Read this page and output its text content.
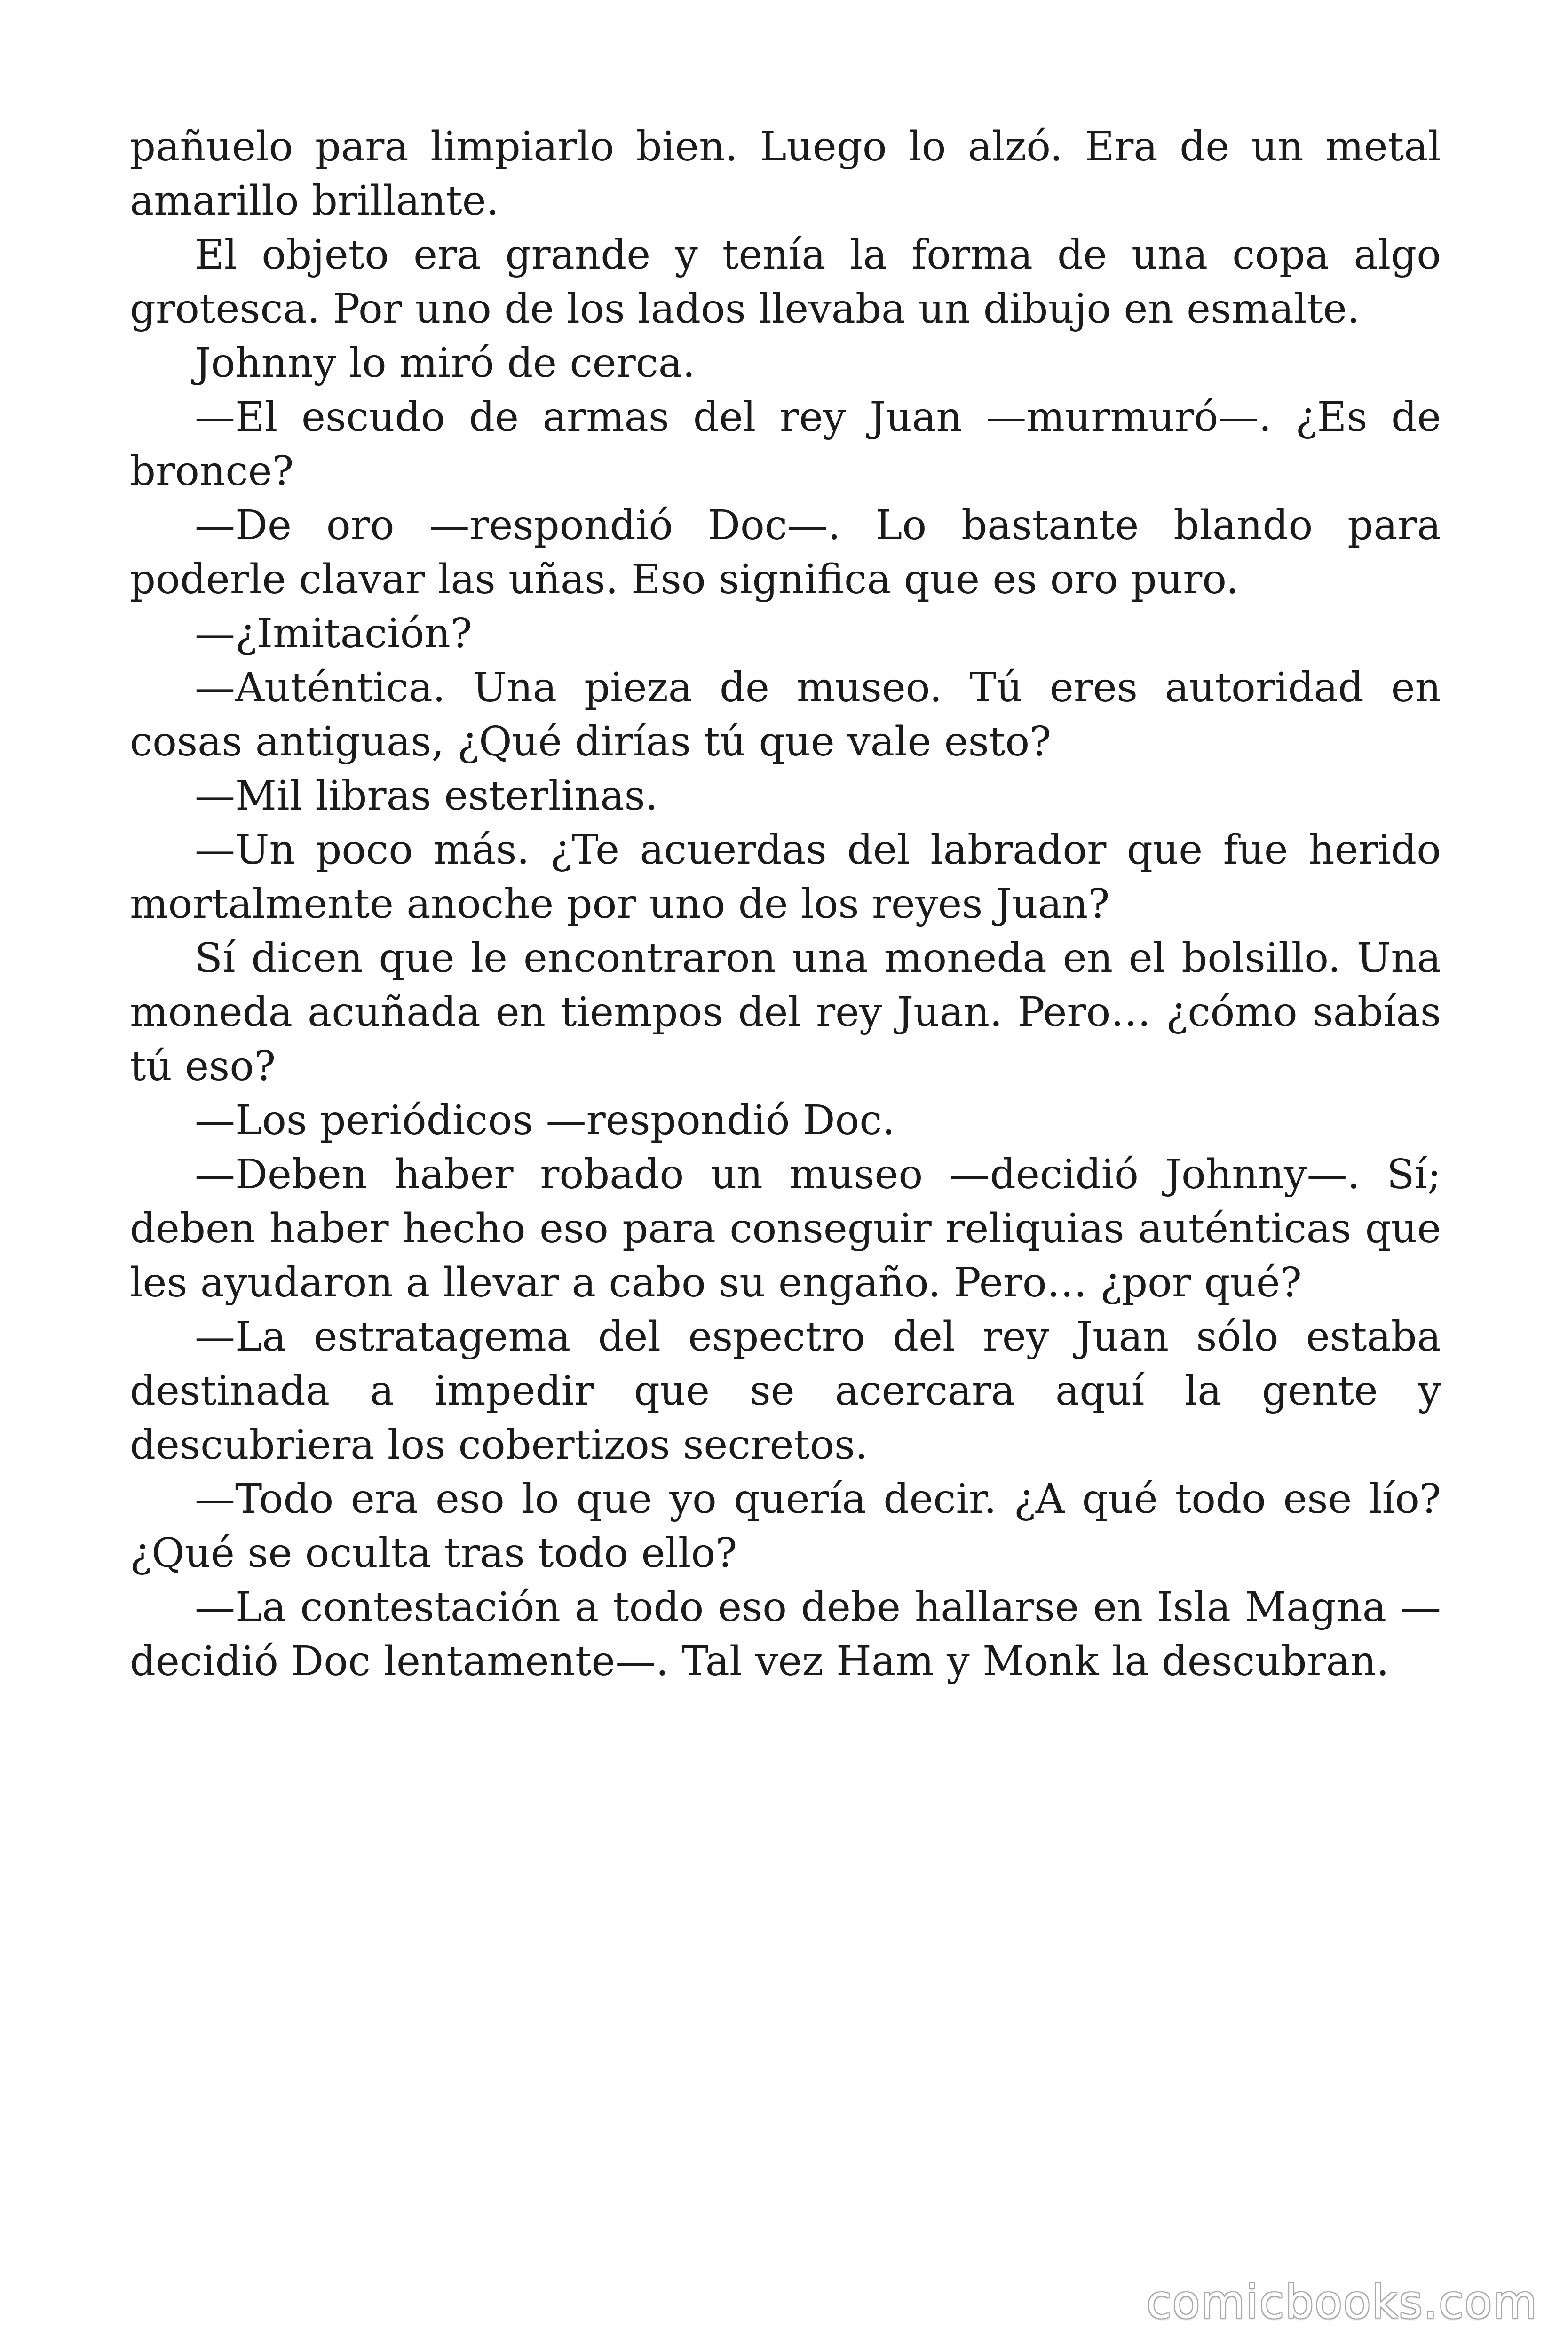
pañuelo para limpiarlo bien. Luego lo alzó. Era de un metal amarillo brillante.

El objeto era grande y tenía la forma de una copa algo grotesca. Por uno de los lados llevaba un dibujo en esmalte.

Johnny lo miró de cerca.

—El escudo de armas del rey Juan —murmuró—. ¿Es de bronce?

—De oro —respondió Doc—. Lo bastante blando para poderle clavar las uñas. Eso significa que es oro puro.

—¿Imitación?

—Auténtica. Una pieza de museo. Tú eres autoridad en cosas antiguas, ¿Qué dirías tú que vale esto?

—Mil libras esterlinas.

—Un poco más. ¿Te acuerdas del labrador que fue herido mortalmente anoche por uno de los reyes Juan?

Sí dicen que le encontraron una moneda en el bolsillo. Una moneda acuñada en tiempos del rey Juan. Pero… ¿cómo sabías tú eso?

—Los periódicos —respondió Doc.

—Deben haber robado un museo —decidió Johnny—. Sí; deben haber hecho eso para conseguir reliquias auténticas que les ayudaron a llevar a cabo su engaño. Pero… ¿por qué?

—La estratagema del espectro del rey Juan sólo estaba destinada a impedir que se acercara aquí la gente y descubriera los cobertizos secretos.

—Todo era eso lo que yo quería decir. ¿A qué todo ese lío? ¿Qué se oculta tras todo ello?

—La contestación a todo eso debe hallarse en Isla Magna —decidió Doc lentamente—. Tal vez Ham y Monk la descubran.

comicbooks.com
